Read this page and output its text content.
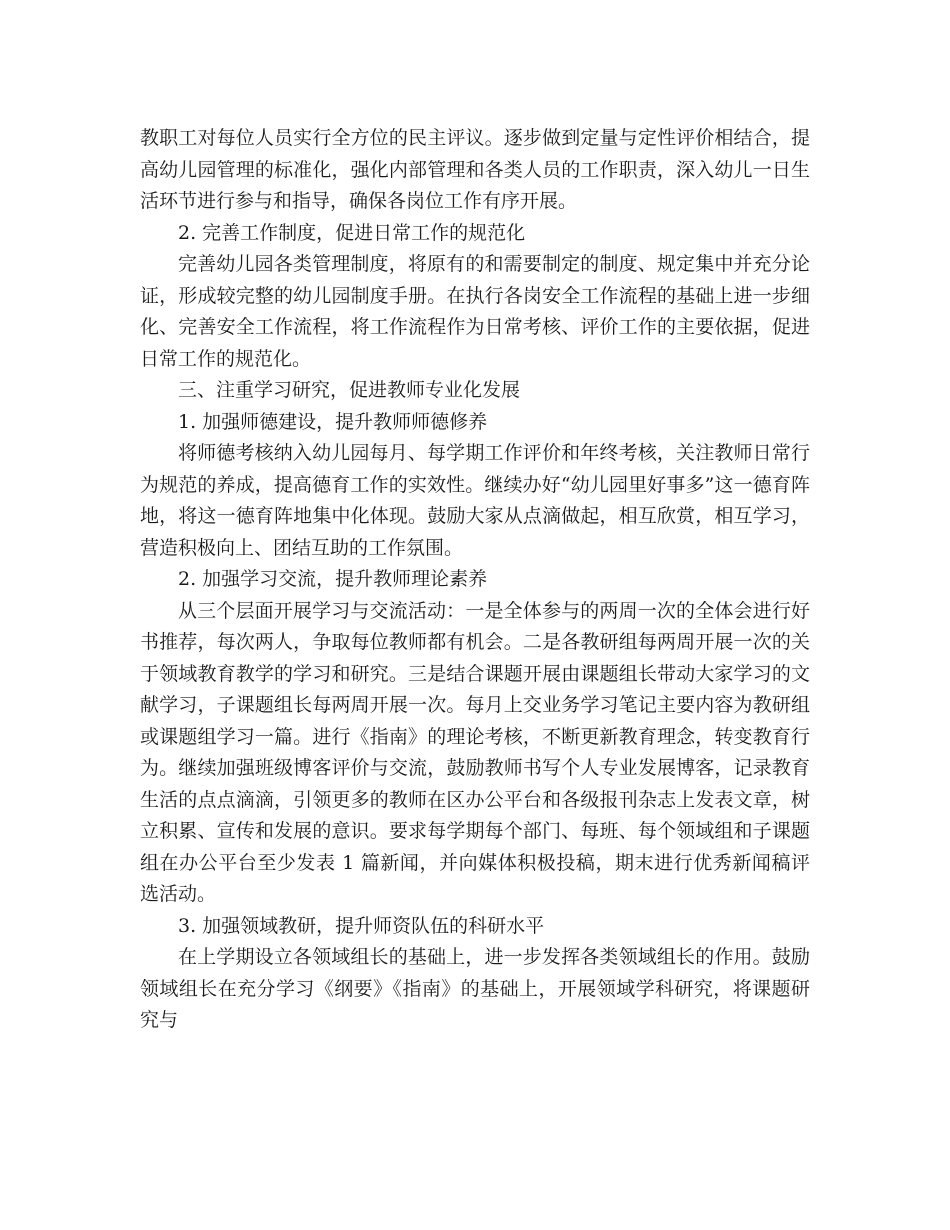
教职工对每位人员实行全方位的民主评议。逐步做到定量与定性评价相结合，提高幼儿园管理的标准化，强化内部管理和各类人员的工作职责，深入幼儿一日生活环节进行参与和指导，确保各岗位工作有序开展。

2. 完善工作制度，促进日常工作的规范化

完善幼儿园各类管理制度，将原有的和需要制定的制度、规定集中并充分论证，形成较完整的幼儿园制度手册。在执行各岗安全工作流程的基础上进一步细化、完善安全工作流程，将工作流程作为日常考核、评价工作的主要依据，促进日常工作的规范化。

三、注重学习研究，促进教师专业化发展

1. 加强师德建设，提升教师师德修养

将师德考核纳入幼儿园每月、每学期工作评价和年终考核，关注教师日常行为规范的养成，提高德育工作的实效性。继续办好“幼儿园里好事多”这一德育阵地，将这一德育阵地集中化体现。鼓励大家从点滴做起，相互欣赏，相互学习，营造积极向上、团结互助的工作氛围。

2. 加强学习交流，提升教师理论素养

从三个层面开展学习与交流活动：一是全体参与的两周一次的全体会进行好书推荐，每次两人，争取每位教师都有机会。二是各教研组每两周开展一次的关于领域教育教学的学习和研究。三是结合课题开展由课题组长带动大家学习的文献学习，子课题组长每两周开展一次。每月上交业务学习笔记主要内容为教研组或课题组学习一篇。进行《指南》的理论考核，不断更新教育理念，转变教育行为。继续加强班级博客评价与交流，鼓励教师书写个人专业发展博客，记录教育生活的点点滴滴，引领更多的教师在区办公平台和各级报刊杂志上发表文章，树立积累、宣传和发展的意识。要求每学期每个部门、每班、每个领域组和子课题组在办公平台至少发表 1 篇新闻，并向媒体积极投稿，期末进行优秀新闻稿评选活动。

3. 加强领域教研，提升师资队伍的科研水平

在上学期设立各领域组长的基础上，进一步发挥各类领域组长的作用。鼓励领域组长在充分学习《纲要》《指南》的基础上，开展领域学科研究，将课题研究与
